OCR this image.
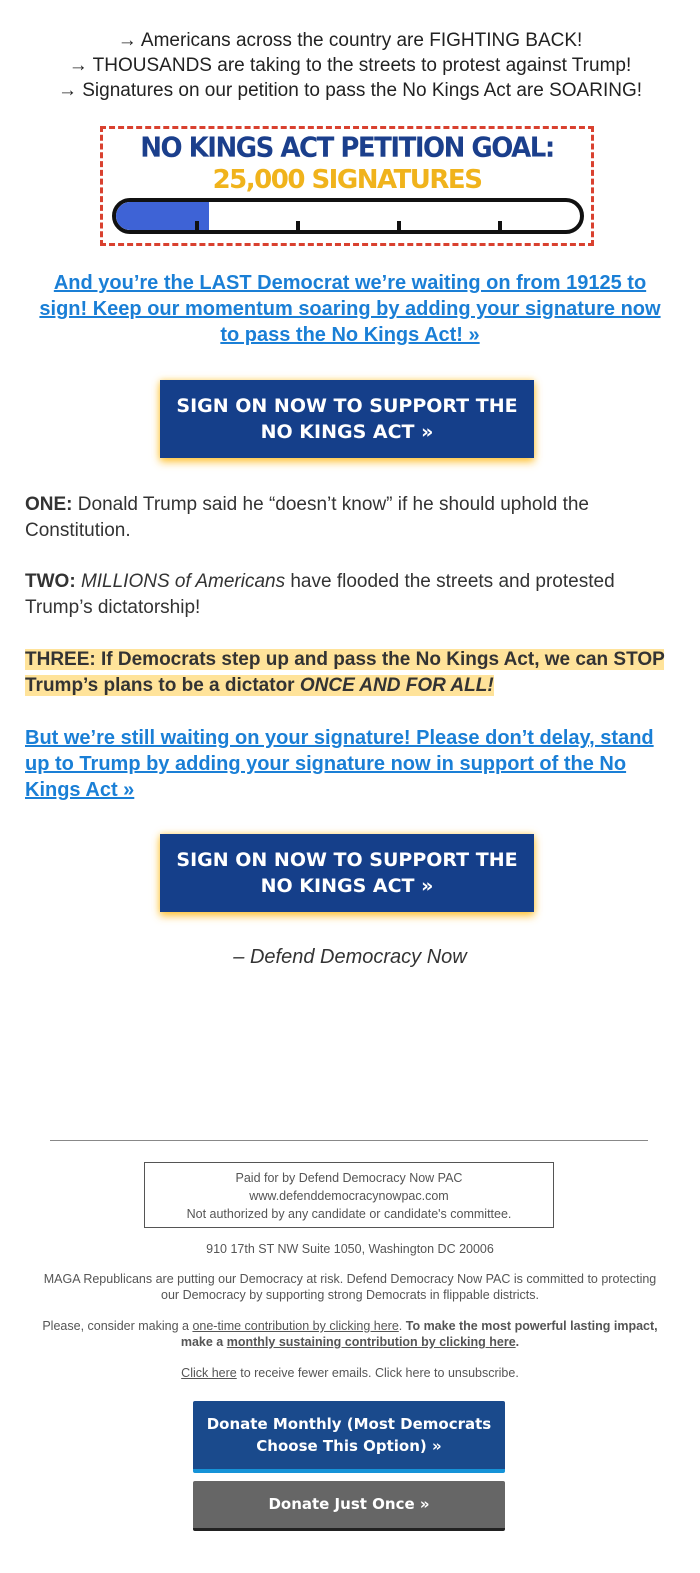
→ Americans across the country are FIGHTING BACK!
→ THOUSANDS are taking to the streets to protest against Trump!
→ Signatures on our petition to pass the No Kings Act are SOARING!
NO KINGS ACT PETITION GOAL:
25,000 SIGNATURES
And you’re the LAST Democrat we’re waiting on from 19125 to sign! Keep our momentum soaring by adding your signature now to pass the No Kings Act! »
SIGN ON NOW TO SUPPORT THE
NO KINGS ACT »
ONE: Donald Trump said he “doesn’t know” if he should uphold the Constitution.
TWO: MILLIONS of Americans have flooded the streets and protested Trump’s dictatorship!
THREE: If Democrats step up and pass the No Kings Act, we can STOP Trump’s plans to be a dictator ONCE AND FOR ALL!
But we’re still waiting on your signature! Please don’t delay, stand up to Trump by adding your signature now in support of the No Kings Act »
SIGN ON NOW TO SUPPORT THE
NO KINGS ACT »
– Defend Democracy Now
Paid for by Defend Democracy Now PAC
www.defenddemocracynowpac.com
Not authorized by any candidate or candidate's committee.
910 17th ST NW Suite 1050, Washington DC 20006
MAGA Republicans are putting our Democracy at risk. Defend Democracy Now PAC is committed to protecting our Democracy by supporting strong Democrats in flippable districts.
Please, consider making a one-time contribution by clicking here. To make the most powerful lasting impact, make a monthly sustaining contribution by clicking here.
Click here to receive fewer emails. Click here to unsubscribe.
Donate Monthly (Most Democrats
Choose This Option) »
Donate Just Once »
